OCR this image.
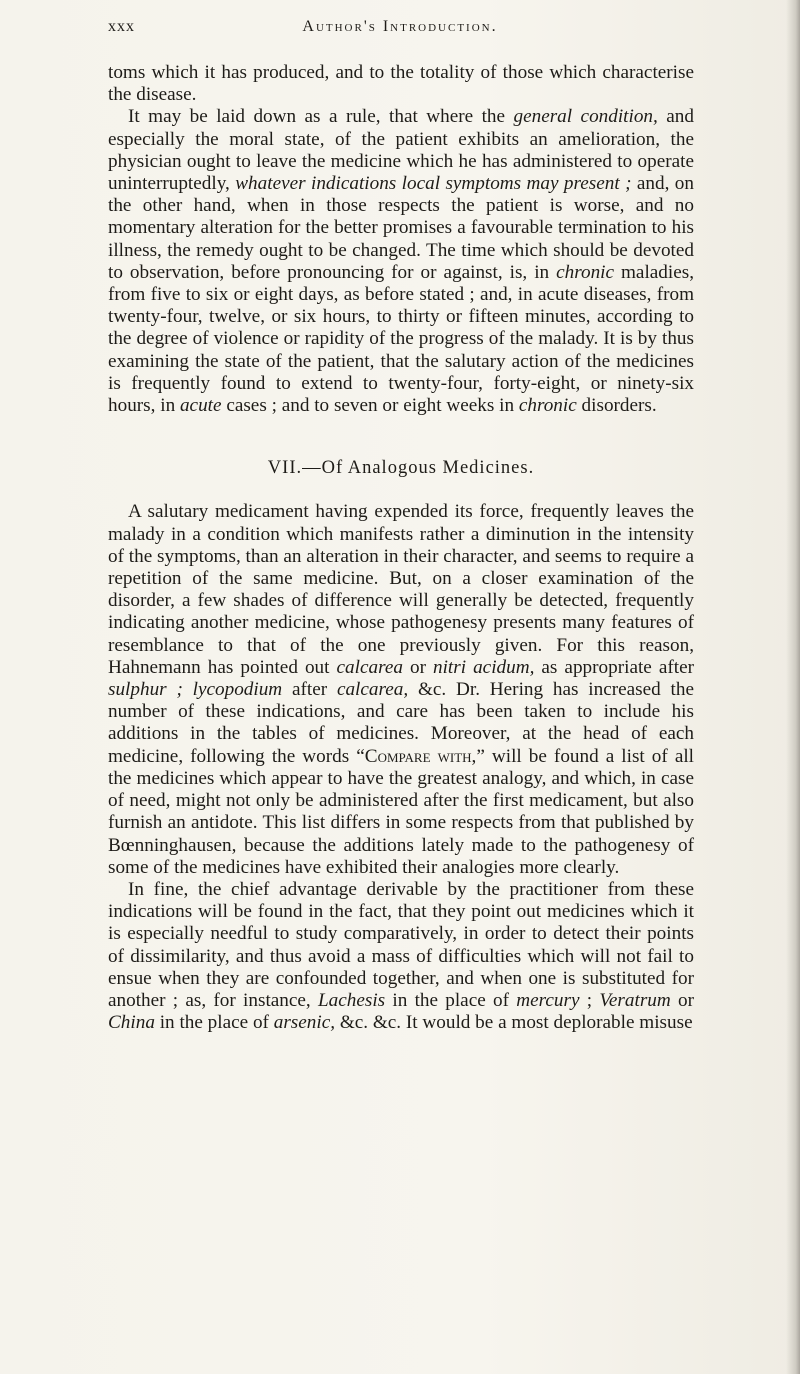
xxx	Author's Introduction.

toms which it has produced, and to the totality of those which characterise the disease.

It may be laid down as a rule, that where the general condition, and especially the moral state, of the patient exhibits an amelioration, the physician ought to leave the medicine which he has administered to operate uninterruptedly, whatever indications local symptoms may present ; and, on the other hand, when in those respects the patient is worse, and no momentary alteration for the better promises a favourable termination to his illness, the remedy ought to be changed. The time which should be devoted to observation, before pronouncing for or against, is, in chronic maladies, from five to six or eight days, as before stated ; and, in acute diseases, from twenty-four, twelve, or six hours, to thirty or fifteen minutes, according to the degree of violence or rapidity of the progress of the malady. It is by thus examining the state of the patient, that the salutary action of the medicines is frequently found to extend to twenty-four, forty-eight, or ninety-six hours, in acute cases ; and to seven or eight weeks in chronic disorders.

VII.—Of Analogous Medicines.

A salutary medicament having expended its force, frequently leaves the malady in a condition which manifests rather a diminution in the intensity of the symptoms, than an alteration in their character, and seems to require a repetition of the same medicine. But, on a closer examination of the disorder, a few shades of difference will generally be detected, frequently indicating another medicine, whose pathogenesy presents many features of resemblance to that of the one previously given. For this reason, Hahnemann has pointed out calcarea or nitri acidum, as appropriate after sulphur ; lycopodium after calcarea, &c. Dr. Hering has increased the number of these indications, and care has been taken to include his additions in the tables of medicines. Moreover, at the head of each medicine, following the words “Compare with,” will be found a list of all the medicines which appear to have the greatest analogy, and which, in case of need, might not only be administered after the first medicament, but also furnish an antidote. This list differs in some respects from that published by Bœnninghausen, because the additions lately made to the pathogenesy of some of the medicines have exhibited their analogies more clearly.

In fine, the chief advantage derivable by the practitioner from these indications will be found in the fact, that they point out medicines which it is especially needful to study comparatively, in order to detect their points of dissimilarity, and thus avoid a mass of difficulties which will not fail to ensue when they are confounded together, and when one is substituted for another ; as, for instance, Lachesis in the place of mercury ; Veratrum or China in the place of arsenic, &c. &c. It would be a most deplorable misuse
